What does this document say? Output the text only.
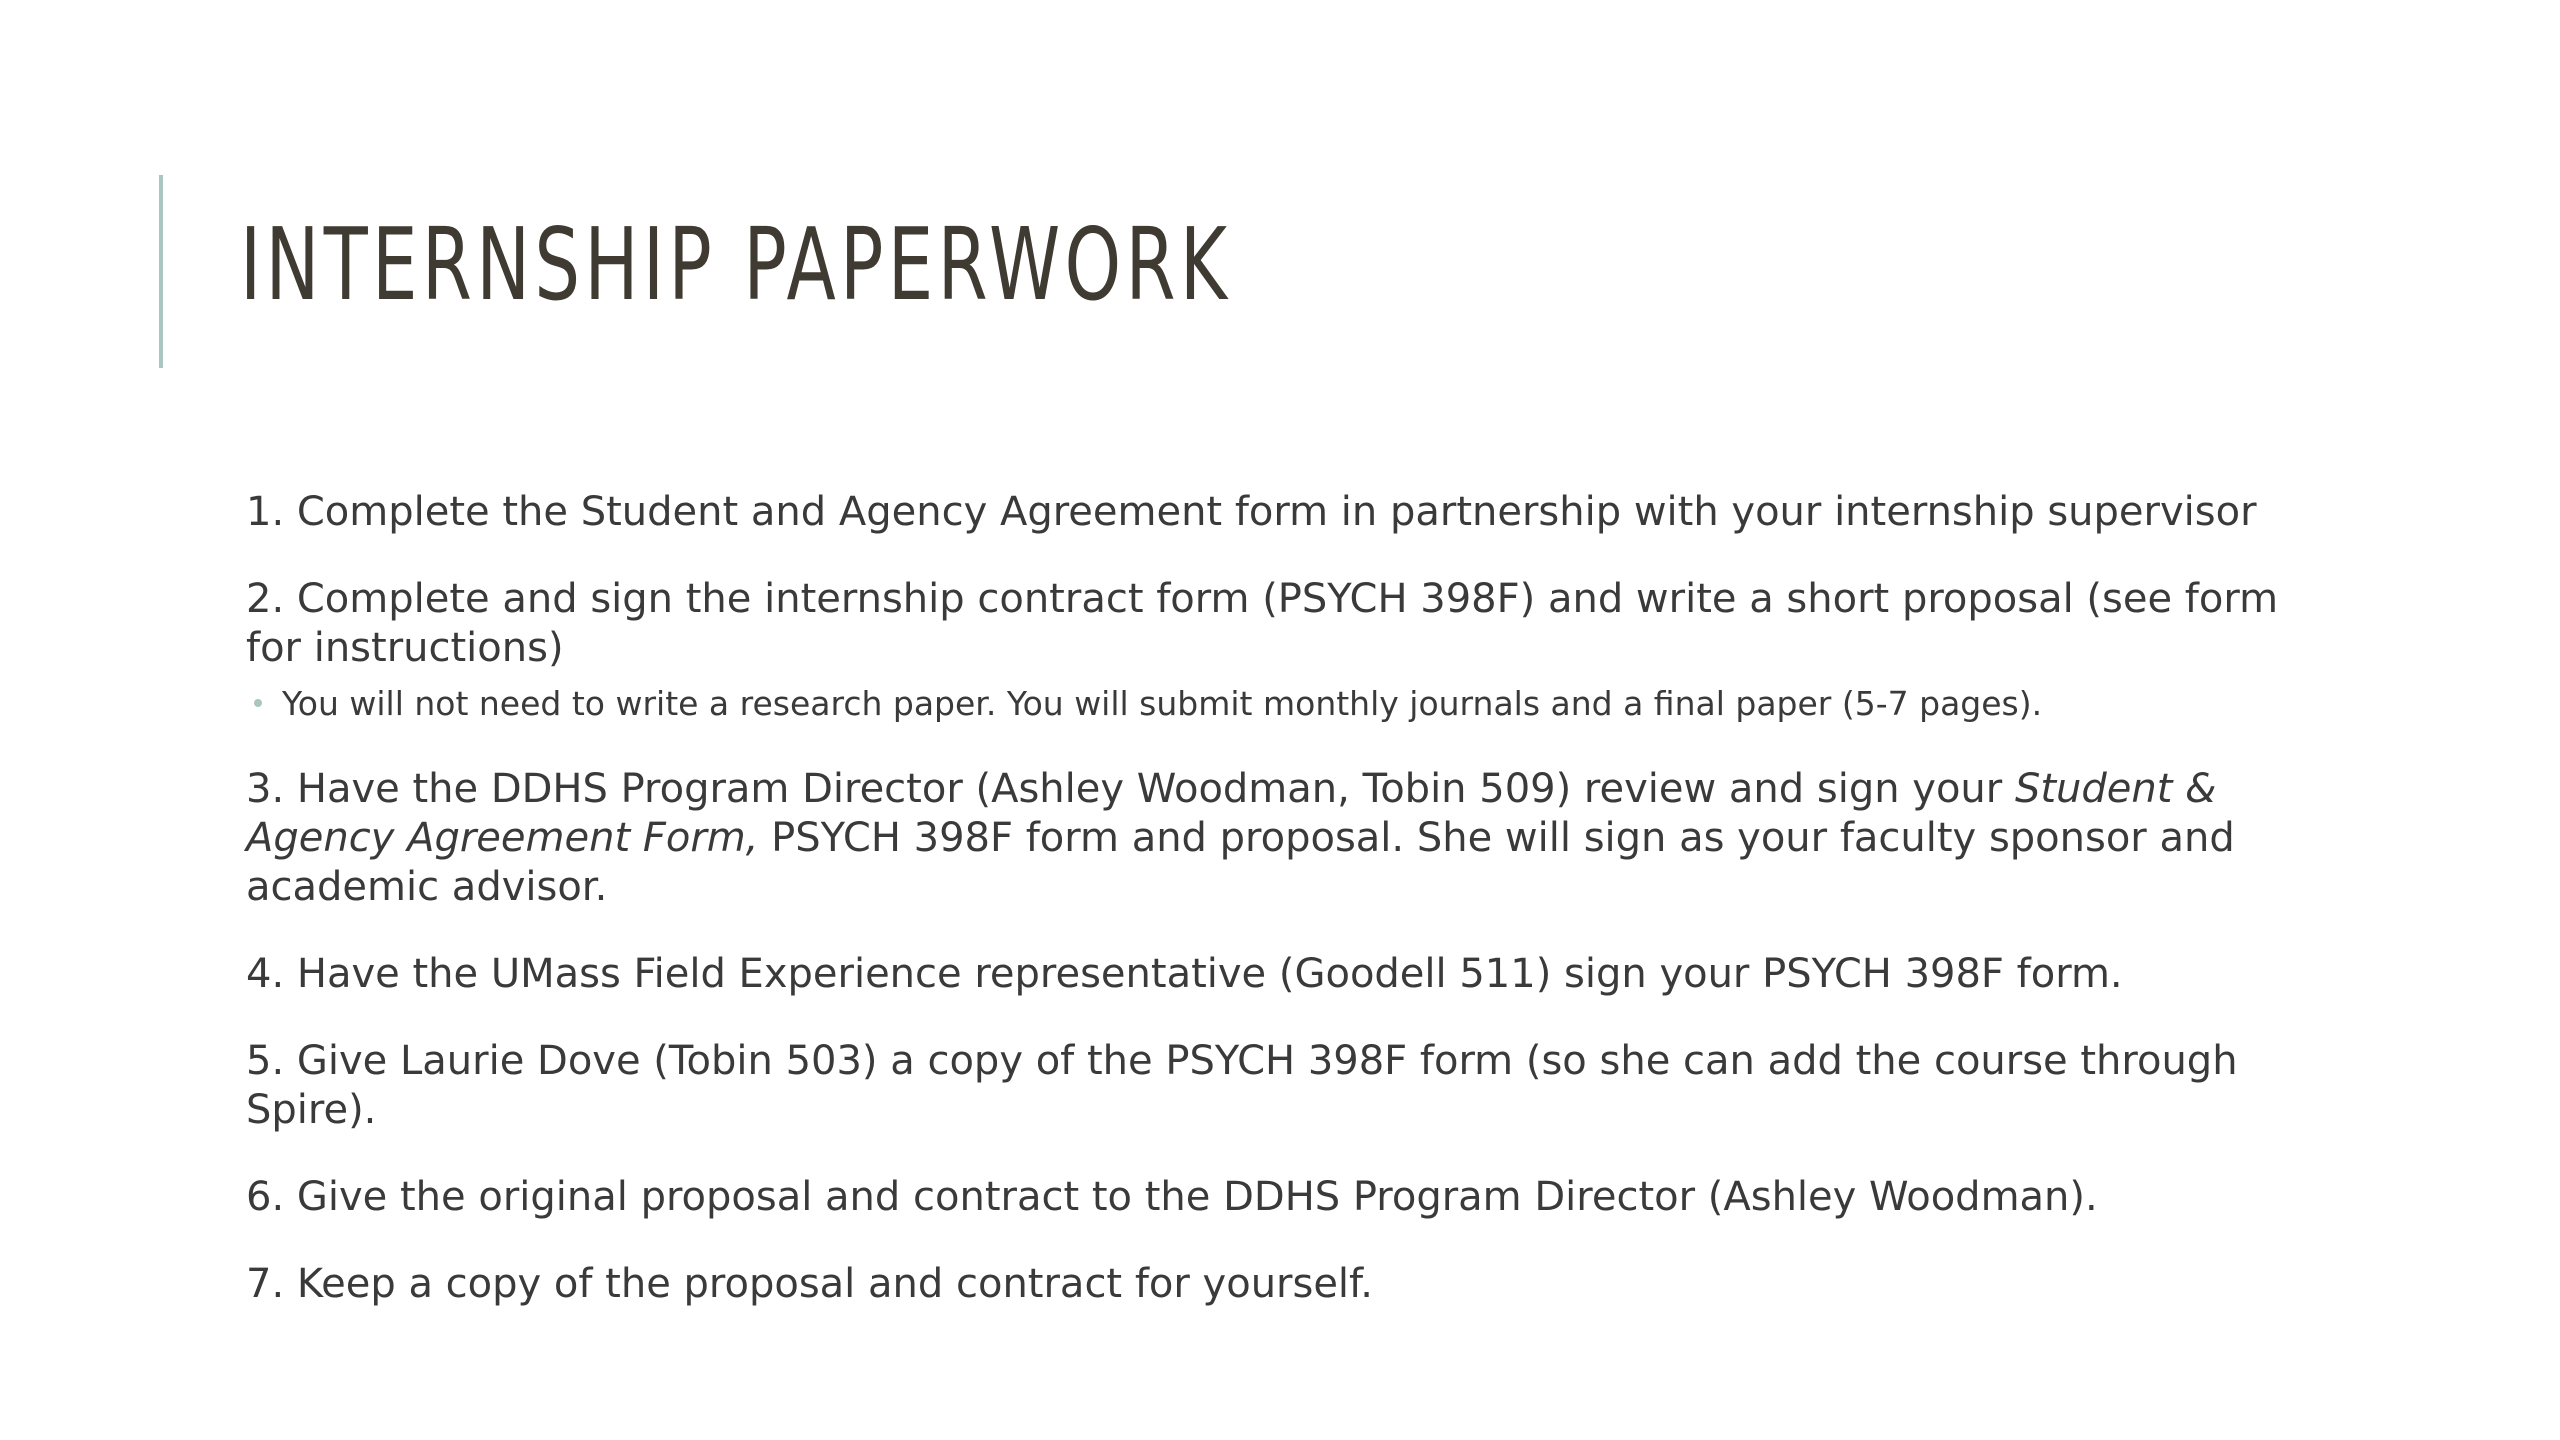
INTERNSHIP PAPERWORK

1. Complete the Student and Agency Agreement form in partnership with your internship supervisor

2. Complete and sign the internship contract form (PSYCH 398F) and write a short proposal (see form for instructions)

You will not need to write a research paper. You will submit monthly journals and a final paper (5-7 pages).

3. Have the DDHS Program Director (Ashley Woodman, Tobin 509) review and sign your Student & Agency Agreement Form, PSYCH 398F form and proposal. She will sign as your faculty sponsor and academic advisor.

4. Have the UMass Field Experience representative (Goodell 511) sign your PSYCH 398F form.

5. Give Laurie Dove (Tobin 503) a copy of the PSYCH 398F form (so she can add the course through Spire).

6. Give the original proposal and contract to the DDHS Program Director (Ashley Woodman).

7. Keep a copy of the proposal and contract for yourself.
